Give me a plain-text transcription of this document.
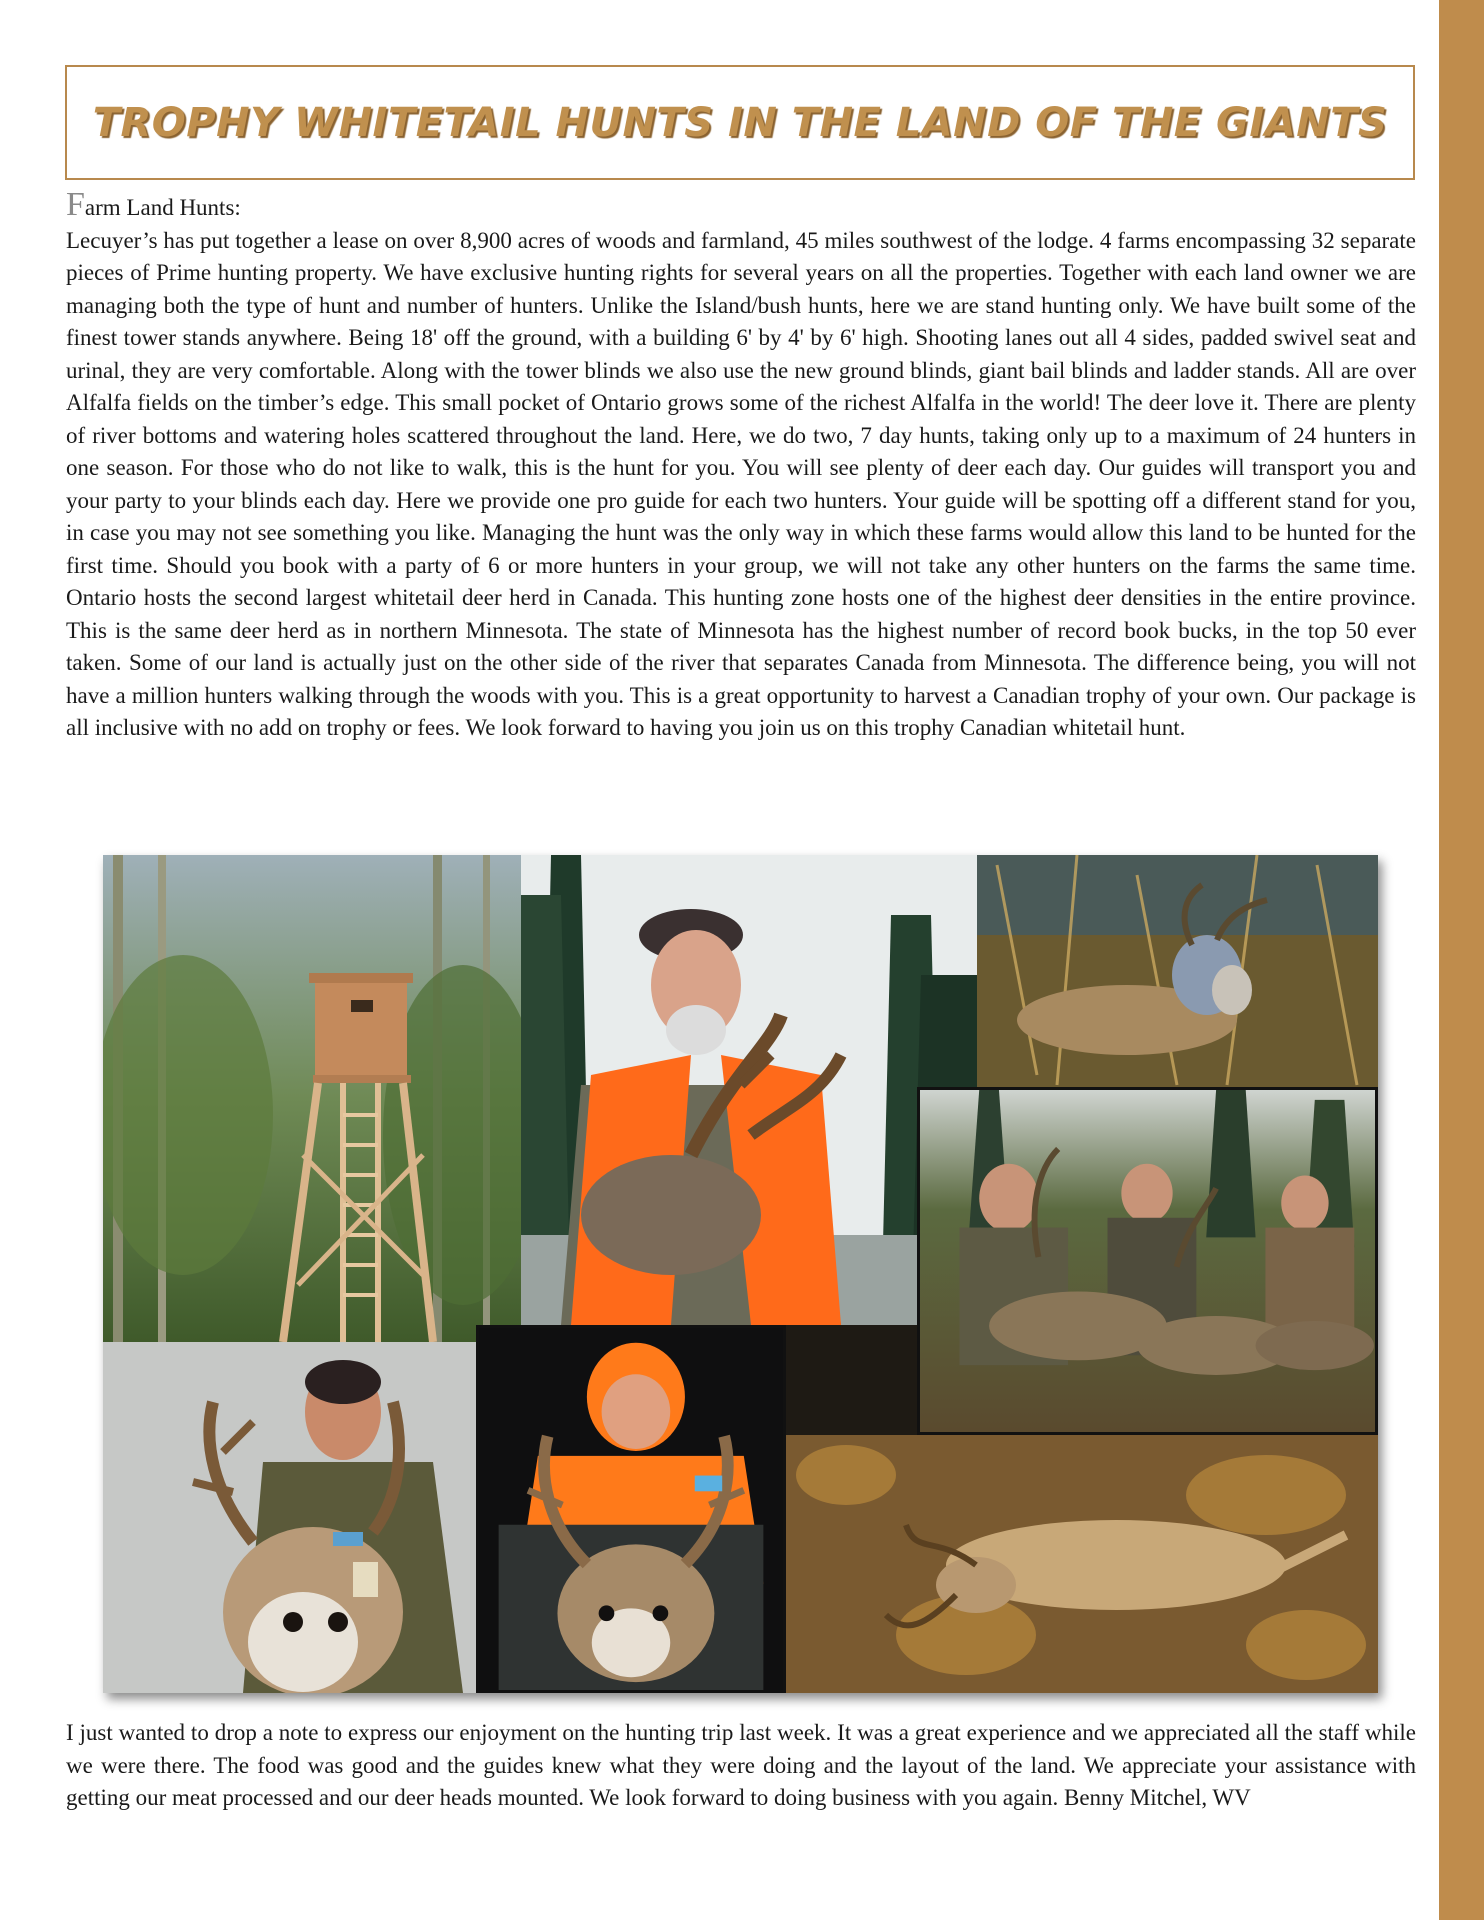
TROPHY WHITETAIL HUNTS IN THE LAND OF THE GIANTS
Farm Land Hunts:
Lecuyer’s has put together a lease on over 8,900 acres of woods and farmland, 45 miles southwest of the lodge. 4 farms encompassing 32 separate pieces of Prime hunting property. We have exclusive hunting rights for several years on all the properties. Together with each land owner we are managing both the type of hunt and number of hunters. Unlike the Island/bush hunts, here we are stand hunting only. We have built some of the finest tower stands anywhere. Being 18' off the ground, with a building 6' by 4' by 6' high. Shooting lanes out all 4 sides, padded swivel seat and urinal, they are very comfortable. Along with the tower blinds we also use the new ground blinds, giant bail blinds and ladder stands. All are over Alfalfa fields on the timber’s edge. This small pocket of Ontario grows some of the richest Alfalfa in the world! The deer love it. There are plenty of river bottoms and watering holes scattered throughout the land. Here, we do two, 7 day hunts, taking only up to a maximum of 24 hunters in one season. For those who do not like to walk, this is the hunt for you. You will see plenty of deer each day. Our guides will transport you and your party to your blinds each day. Here we provide one pro guide for each two hunters. Your guide will be spotting off a different stand for you, in case you may not see something you like. Managing the hunt was the only way in which these farms would allow this land to be hunted for the first time. Should you book with a party of 6 or more hunters in your group, we will not take any other hunters on the farms the same time. Ontario hosts the second largest whitetail deer herd in Canada. This hunting zone hosts one of the highest deer densities in the entire province. This is the same deer herd as in northern Minnesota. The state of Minnesota has the highest number of record book bucks, in the top 50 ever taken. Some of our land is actually just on the other side of the river that separates Canada from Minnesota. The difference being, you will not have a million hunters walking through the woods with you. This is a great opportunity to harvest a Canadian trophy of your own. Our package is all inclusive with no add on trophy or fees. We look forward to having you join us on this trophy Canadian whitetail hunt.
I just wanted to drop a note to express our enjoyment on the hunting trip last week. It was a great experience and we appreciated all the staff while we were there. The food was good and the guides knew what they were doing and the layout of the land. We appreciate your assistance with getting our meat processed and our deer heads mounted. We look forward to doing business with you again. Benny Mitchel, WV
